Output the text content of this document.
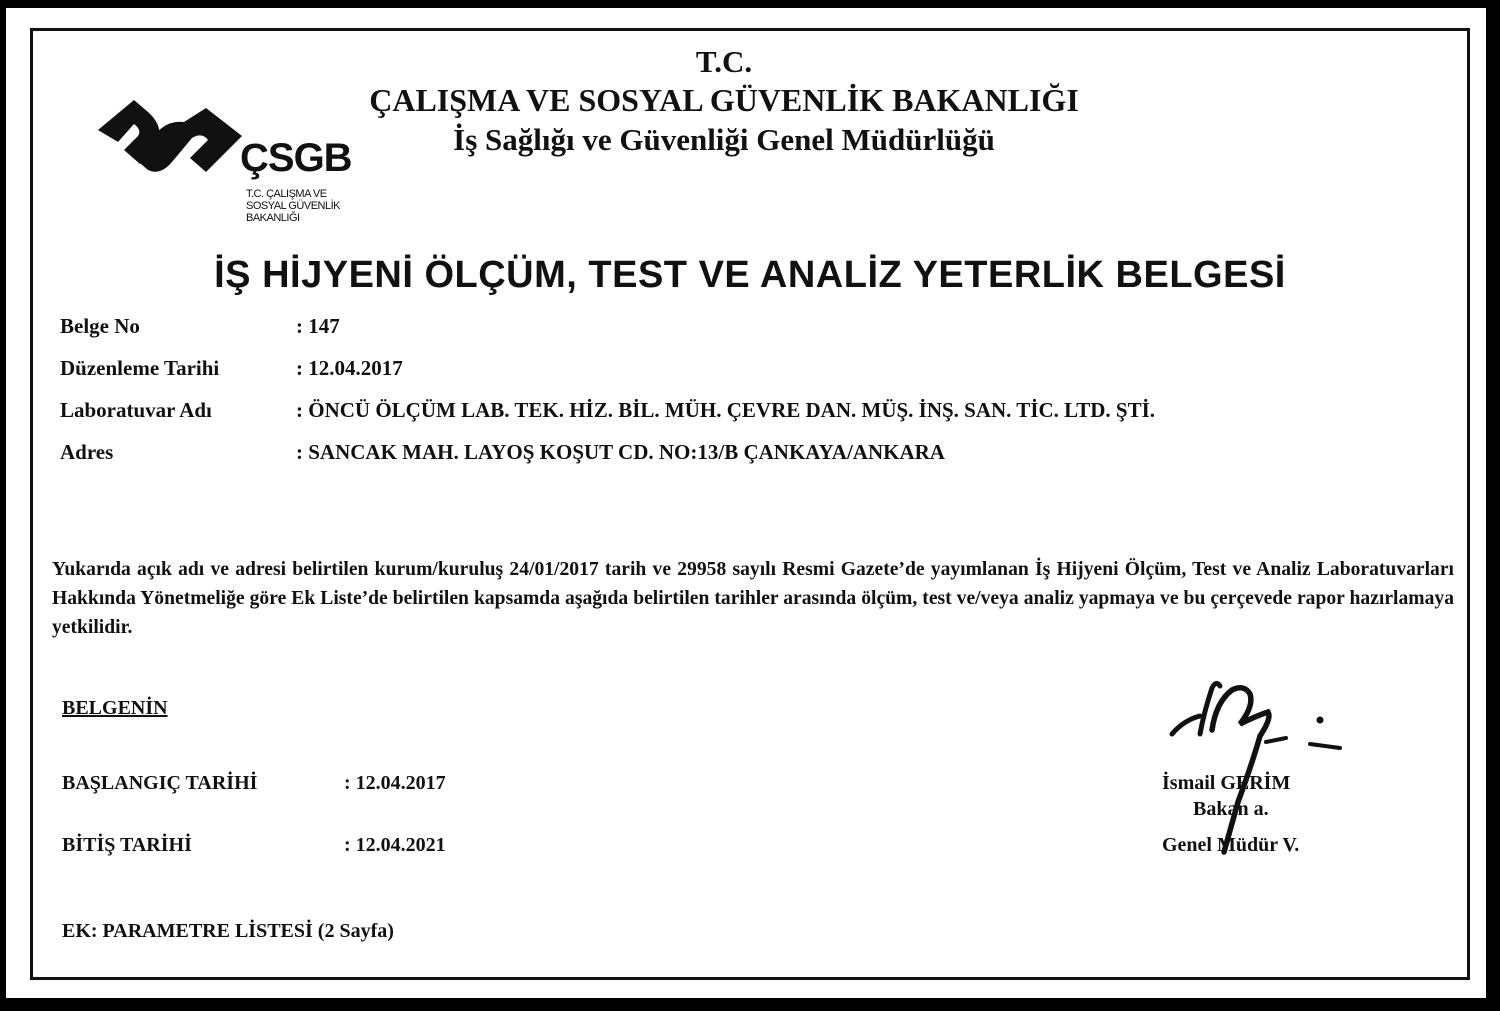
T.C.
ÇALIŞMA VE SOSYAL GÜVENLİK BAKANLIĞI
İş Sağlığı ve Güvenliği Genel Müdürlüğü
ÇSGB
T.C. ÇALIŞMA VE
SOSYAL GÜVENLİK
BAKANLIĞI
İŞ HİJYENİ ÖLÇÜM, TEST VE ANALİZ YETERLİK BELGESİ
Belge No	: 147
Düzenleme Tarihi	: 12.04.2017
Laboratuvar Adı	: ÖNCÜ ÖLÇÜM LAB. TEK. HİZ. BİL. MÜH. ÇEVRE DAN. MÜŞ. İNŞ. SAN. TİC. LTD. ŞTİ.
Adres	: SANCAK MAH. LAYOŞ KOŞUT CD. NO:13/B ÇANKAYA/ANKARA
Yukarıda açık adı ve adresi belirtilen kurum/kuruluş 24/01/2017 tarih ve 29958 sayılı Resmi Gazete’de yayımlanan İş Hijyeni Ölçüm, Test ve Analiz Laboratuvarları Hakkında Yönetmeliğe göre Ek Liste’de belirtilen kapsamda aşağıda belirtilen tarihler arasında ölçüm, test ve/veya analiz yapmaya ve bu çerçevede rapor hazırlamaya yetkilidir.
BELGENİN
BAŞLANGIÇ TARİHİ	: 12.04.2017
BİTİŞ TARİHİ	: 12.04.2021
EK: PARAMETRE LİSTESİ (2 Sayfa)
İsmail GERİM
Bakan a.
Genel Müdür V.
